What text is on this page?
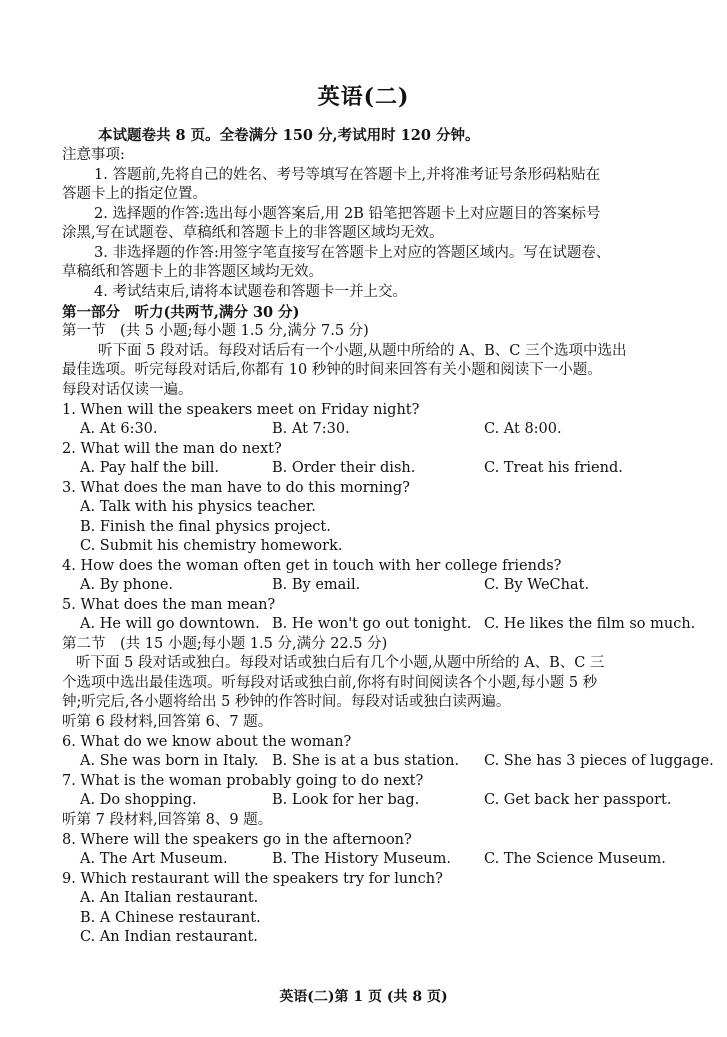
英语(二)
本试题卷共 8 页。全卷满分 150 分,考试用时 120 分钟。
注意事项:
1. 答题前,先将自己的姓名、考号等填写在答题卡上,并将准考证号条形码粘贴在
答题卡上的指定位置。
2. 选择题的作答:选出每小题答案后,用 2B 铅笔把答题卡上对应题目的答案标号
涂黑,写在试题卷、草稿纸和答题卡上的非答题区域均无效。
3. 非选择题的作答:用签字笔直接写在答题卡上对应的答题区域内。写在试题卷、
草稿纸和答题卡上的非答题区域均无效。
4. 考试结束后,请将本试题卷和答题卡一并上交。
第一部分　听力(共两节,满分 30 分)
第一节　(共 5 小题;每小题 1.5 分,满分 7.5 分)
听下面 5 段对话。每段对话后有一个小题,从题中所给的 A、B、C 三个选项中选出
最佳选项。听完每段对话后,你都有 10 秒钟的时间来回答有关小题和阅读下一小题。
每段对话仅读一遍。
1. When will the speakers meet on Friday night?
A. At 6:30.	B. At 7:30.	C. At 8:00.
2. What will the man do next?
A. Pay half the bill.	B. Order their dish.	C. Treat his friend.
3. What does the man have to do this morning?
A. Talk with his physics teacher.
B. Finish the final physics project.
C. Submit his chemistry homework.
4. How does the woman often get in touch with her college friends?
A. By phone.	B. By email.	C. By WeChat.
5. What does the man mean?
A. He will go downtown. B. He won't go out tonight. C. He likes the film so much.
第二节　(共 15 小题;每小题 1.5 分,满分 22.5 分)
听下面 5 段对话或独白。每段对话或独白后有几个小题,从题中所给的 A、B、C 三
个选项中选出最佳选项。听每段对话或独白前,你将有时间阅读各个小题,每小题 5 秒
钟;听完后,各小题将给出 5 秒钟的作答时间。每段对话或独白读两遍。
听第 6 段材料,回答第 6、7 题。
6. What do we know about the woman?
A. She was born in Italy. B. She is at a bus station. C. She has 3 pieces of luggage.
7. What is the woman probably going to do next?
A. Do shopping.	B. Look for her bag.	C. Get back her passport.
听第 7 段材料,回答第 8、9 题。
8. Where will the speakers go in the afternoon?
A. The Art Museum.	B. The History Museum. C. The Science Museum.
9. Which restaurant will the speakers try for lunch?
A. An Italian restaurant.
B. A Chinese restaurant.
C. An Indian restaurant.
英语(二)第 1 页 (共 8 页)
